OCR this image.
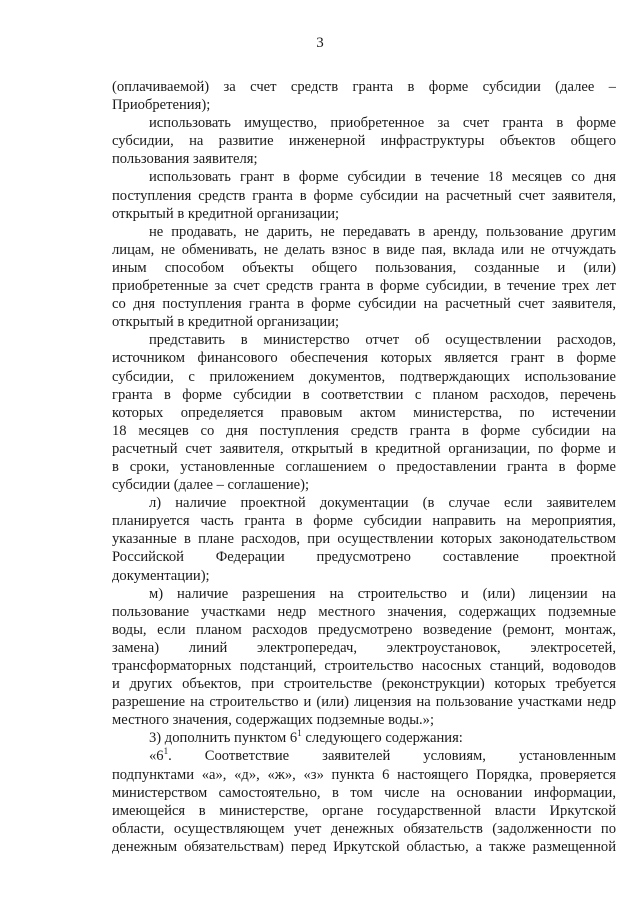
3
(оплачиваемой) за счет средств гранта в форме субсидии (далее –
Приобретения);
использовать имущество, приобретенное за счет гранта в форме
субсидии, на развитие инженерной инфраструктуры объектов общего
пользования заявителя;
использовать грант в форме субсидии в течение 18 месяцев со дня
поступления средств гранта в форме субсидии на расчетный счет заявителя,
открытый в кредитной организации;
не продавать, не дарить, не передавать в аренду, пользование другим
лицам, не обменивать, не делать взнос в виде пая, вклада или не отчуждать
иным способом объекты общего пользования, созданные и (или)
приобретенные за счет средств гранта в форме субсидии, в течение трех лет
со дня поступления гранта в форме субсидии на расчетный счет заявителя,
открытый в кредитной организации;
представить в министерство отчет об осуществлении расходов,
источником финансового обеспечения которых является грант в форме
субсидии, с приложением документов, подтверждающих использование
гранта в форме субсидии в соответствии с планом расходов, перечень
которых определяется правовым актом министерства, по истечении
18 месяцев со дня поступления средств гранта в форме субсидии на
расчетный счет заявителя, открытый в кредитной организации, по форме и
в сроки, установленные соглашением о предоставлении гранта в форме
субсидии (далее – соглашение);
л) наличие проектной документации (в случае если заявителем
планируется часть гранта в форме субсидии направить на мероприятия,
указанные в плане расходов, при осуществлении которых законодательством
Российской Федерации предусмотрено составление проектной
документации);
м) наличие разрешения на строительство и (или) лицензии на
пользование участками недр местного значения, содержащих подземные
воды, если планом расходов предусмотрено возведение (ремонт, монтаж,
замена) линий электропередач, электроустановок, электросетей,
трансформаторных подстанций, строительство насосных станций, водоводов
и других объектов, при строительстве (реконструкции) которых требуется
разрешение на строительство и (или) лицензия на пользование участками недр
местного значения, содержащих подземные воды.»;
3) дополнить пунктом $6^1$ следующего содержания:
«$6^1$. Соответствие заявителей условиям, установленным
подпунктами «а», «д», «ж», «з» пункта 6 настоящего Порядка, проверяется
министерством самостоятельно, в том числе на основании информации,
имеющейся в министерстве, органе государственной власти Иркутской
области, осуществляющем учет денежных обязательств (задолженности по
денежным обязательствам) перед Иркутской областью, а также размещенной
